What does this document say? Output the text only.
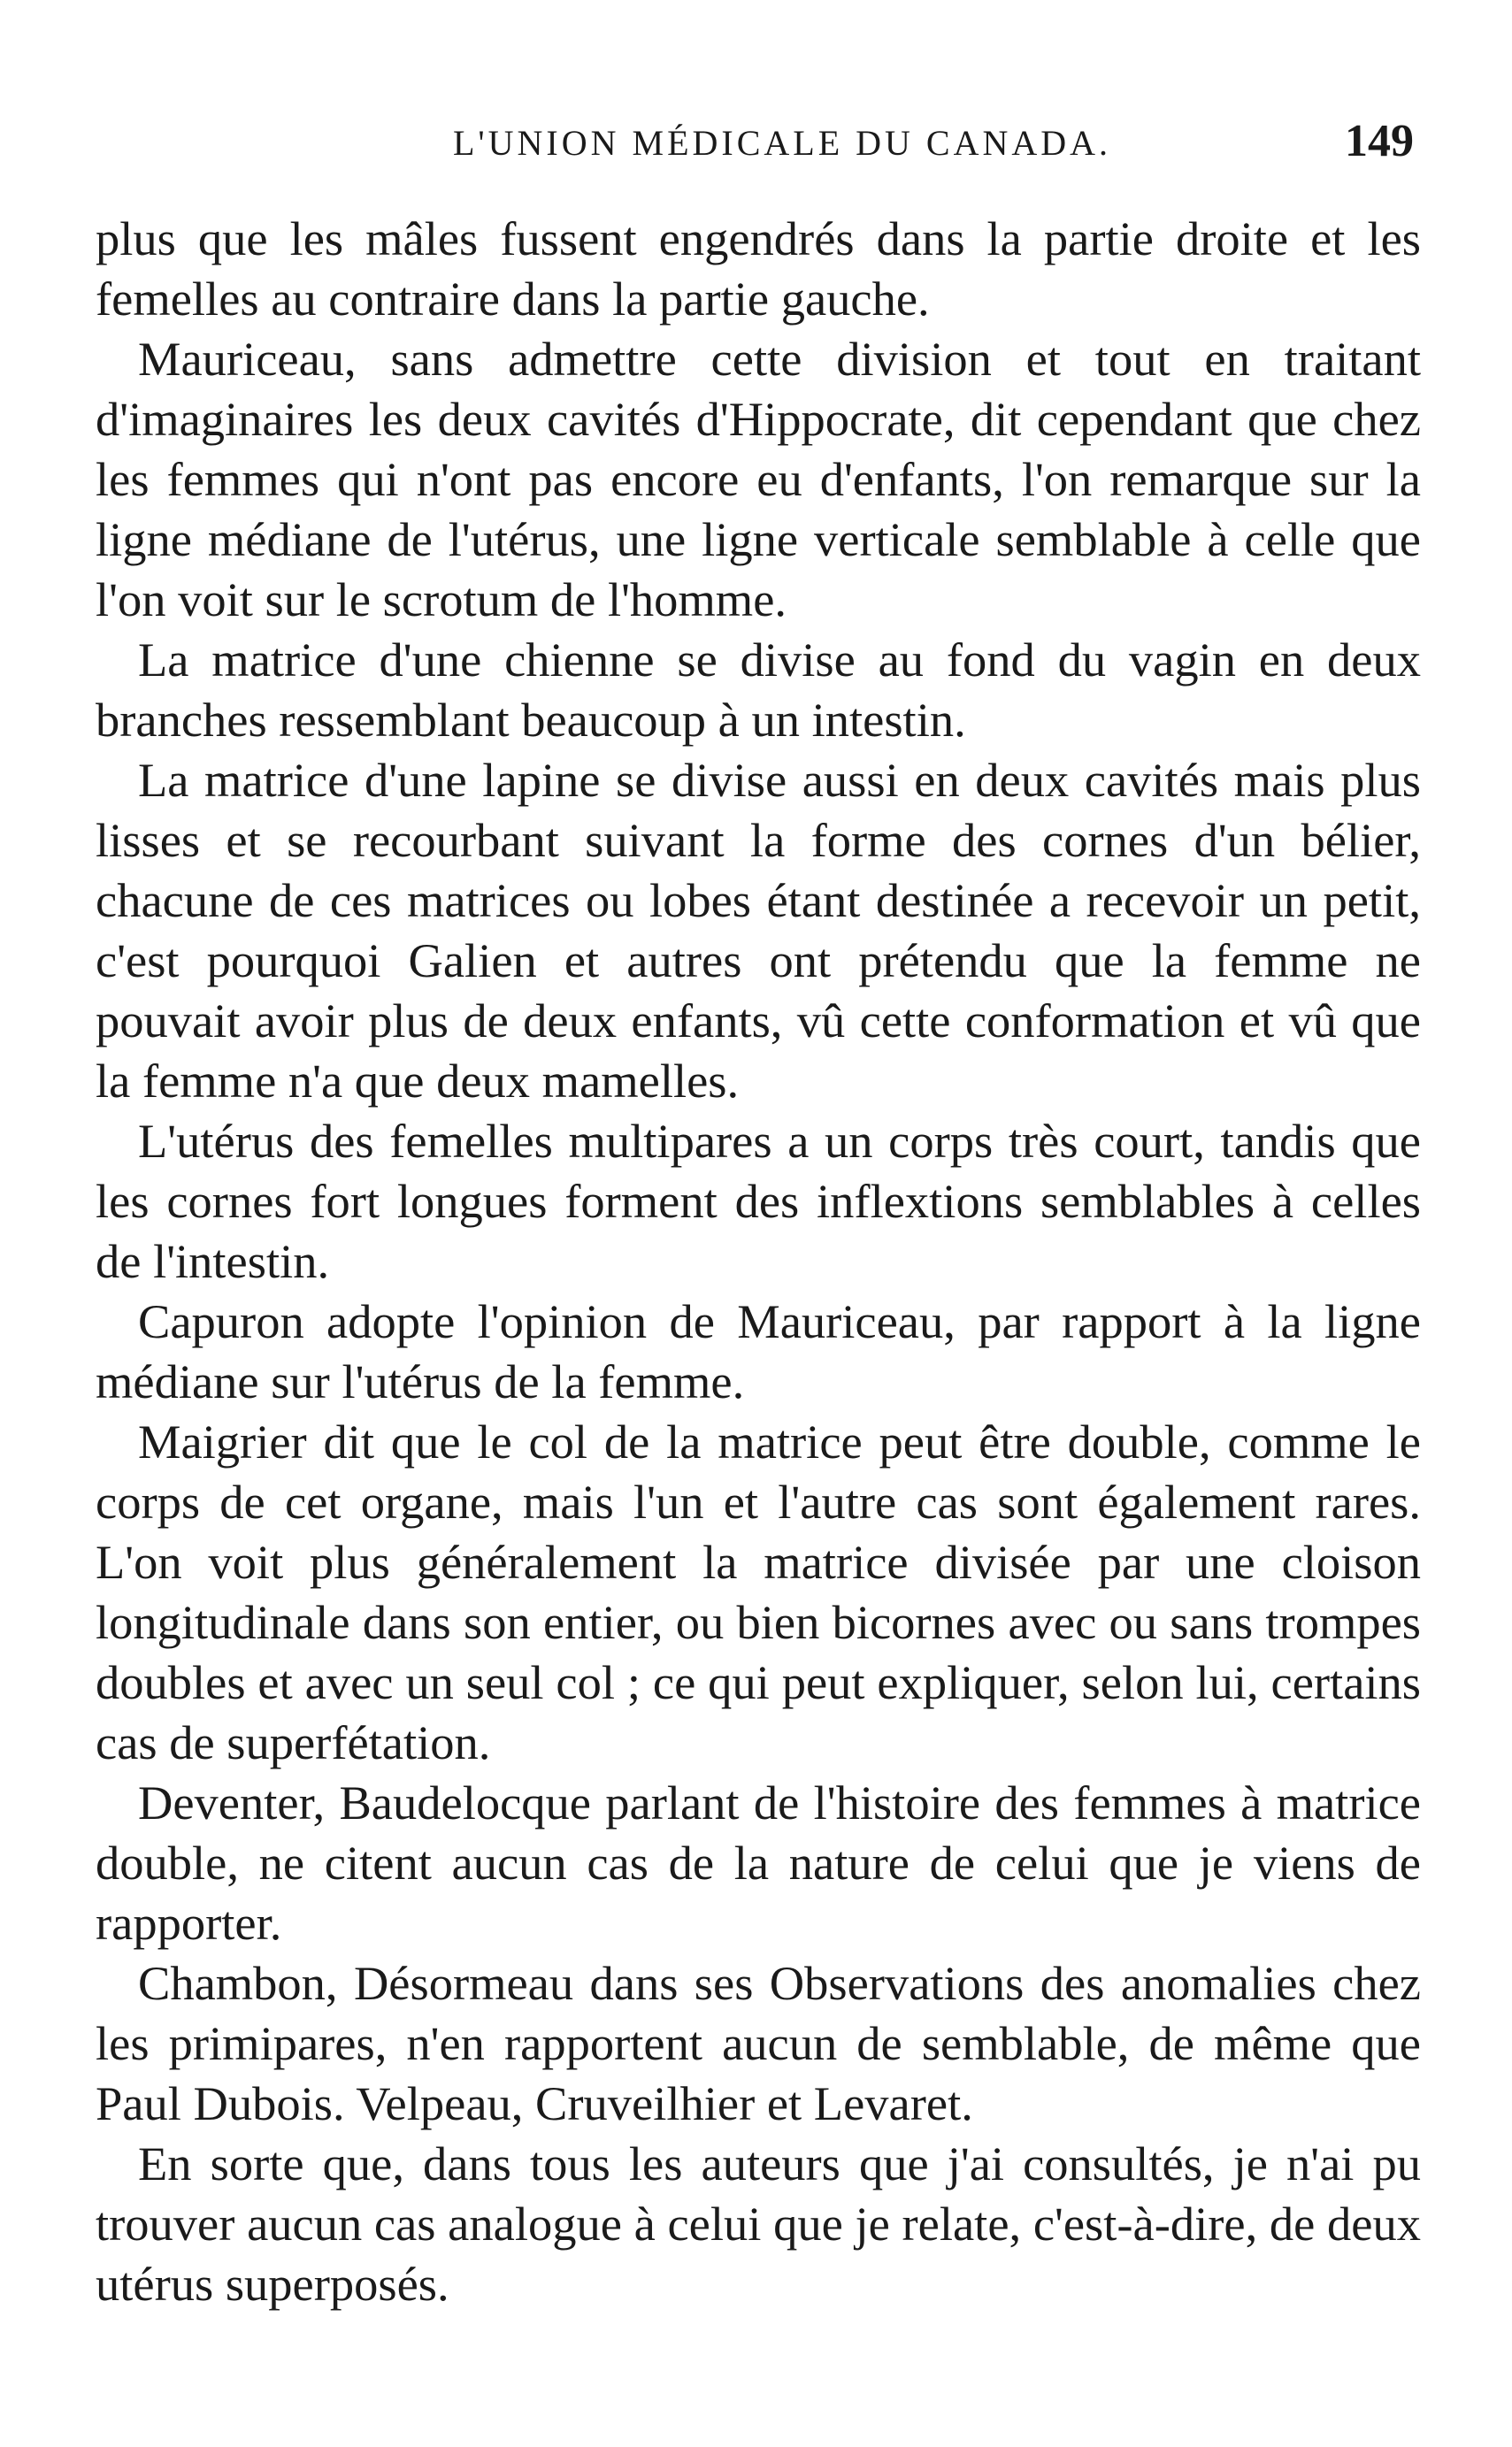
L'UNION MÉDICALE DU CANADA.	149

plus que les mâles fussent engendrés dans la partie droite et les femelles au contraire dans la partie gauche.

Mauriceau, sans admettre cette division et tout en traitant d'imaginaires les deux cavités d'Hippocrate, dit cependant que chez les femmes qui n'ont pas encore eu d'enfants, l'on remarque sur la ligne médiane de l'utérus, une ligne verticale semblable à celle que l'on voit sur le scrotum de l'homme.

La matrice d'une chienne se divise au fond du vagin en deux branches ressemblant beaucoup à un intestin.

La matrice d'une lapine se divise aussi en deux cavités mais plus lisses et se recourbant suivant la forme des cornes d'un bélier, chacune de ces matrices ou lobes étant destinée a recevoir un petit, c'est pourquoi Galien et autres ont prétendu que la femme ne pouvait avoir plus de deux enfants, vû cette conformation et vû que la femme n'a que deux mamelles.

L'utérus des femelles multipares a un corps très court, tandis que les cornes fort longues forment des inflextions semblables à celles de l'intestin.

Capuron adopte l'opinion de Mauriceau, par rapport à la ligne médiane sur l'utérus de la femme.

Maigrier dit que le col de la matrice peut être double, comme le corps de cet organe, mais l'un et l'autre cas sont également rares. L'on voit plus généralement la matrice divisée par une cloison longitudinale dans son entier, ou bien bicornes avec ou sans trompes doubles et avec un seul col ; ce qui peut expliquer, selon lui, certains cas de superfétation.

Deventer, Baudelocque parlant de l'histoire des femmes à matrice double, ne citent aucun cas de la nature de celui que je viens de rapporter.

Chambon, Désormeau dans ses Observations des anomalies chez les primipares, n'en rapportent aucun de semblable, de même que Paul Dubois. Velpeau, Cruveilhier et Levaret.

En sorte que, dans tous les auteurs que j'ai consultés, je n'ai pu trouver aucun cas analogue à celui que je relate, c'est-à-dire, de deux utérus superposés.
